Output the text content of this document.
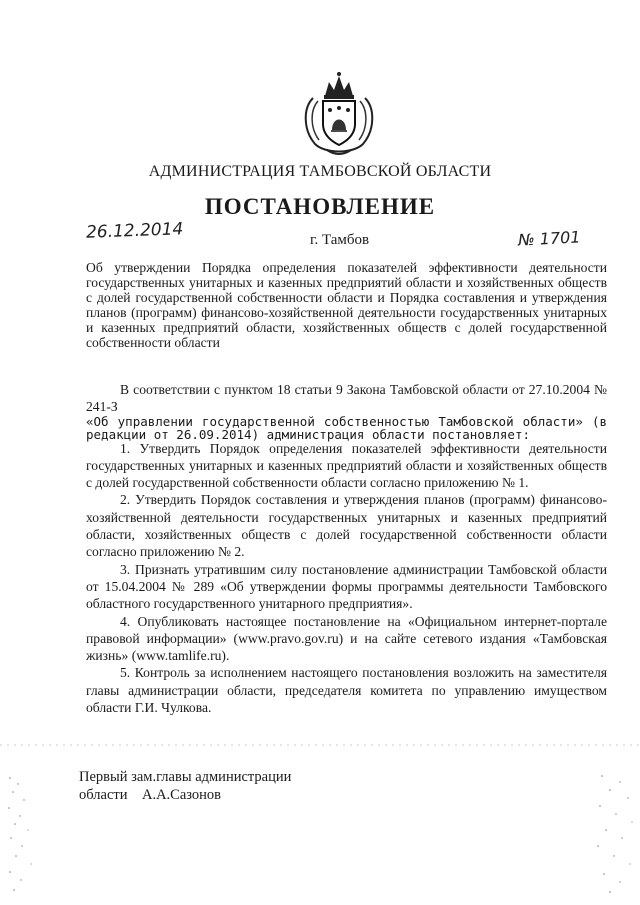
АДМИНИСТРАЦИЯ ТАМБОВСКОЙ ОБЛАСТИ
ПОСТАНОВЛЕНИЕ
26.12.2014	г. Тамбов	№ 1701
Об утверждении Порядка определения показателей эффективности деятельности государственных унитарных и казенных предприятий области и хозяйственных обществ с долей государственной собственности области и Порядка составления и утверждения планов (программ) финансово-хозяйственной деятельности государственных унитарных и казенных предприятий области, хозяйственных обществ с долей государственной собственности области

В соответствии с пунктом 18 статьи 9 Закона Тамбовской области от 27.10.2004 № 241-З
«Об управлении государственной собственностью Тамбовской области» (в редакции от 26.09.2014) администрация области постановляет:

1. Утвердить Порядок определения показателей эффективности деятельности государственных унитарных и казенных предприятий области и хозяйственных обществ с долей государственной собственности области согласно приложению № 1.

2. Утвердить Порядок составления и утверждения планов (программ) финансово-хозяйственной деятельности государственных унитарных и казенных предприятий области, хозяйственных обществ с долей государственной собственности области согласно приложению № 2.

3. Признать утратившим силу постановление администрации Тамбовской области от 15.04.2004 № 289 «Об утверждении формы программы деятельности Тамбовского областного государственного унитарного предприятия».

4. Опубликовать настоящее постановление на «Официальном интернет-портале правовой информации» (www.pravo.gov.ru) и на сайте сетевого издания «Тамбовская жизнь» (www.tamlife.ru).

5. Контроль за исполнением настоящего постановления возложить на заместителя главы администрации области, председателя комитета по управлению имуществом области Г.И. Чулкова.

Первый зам.главы администрации
области    А.А.Сазонов
